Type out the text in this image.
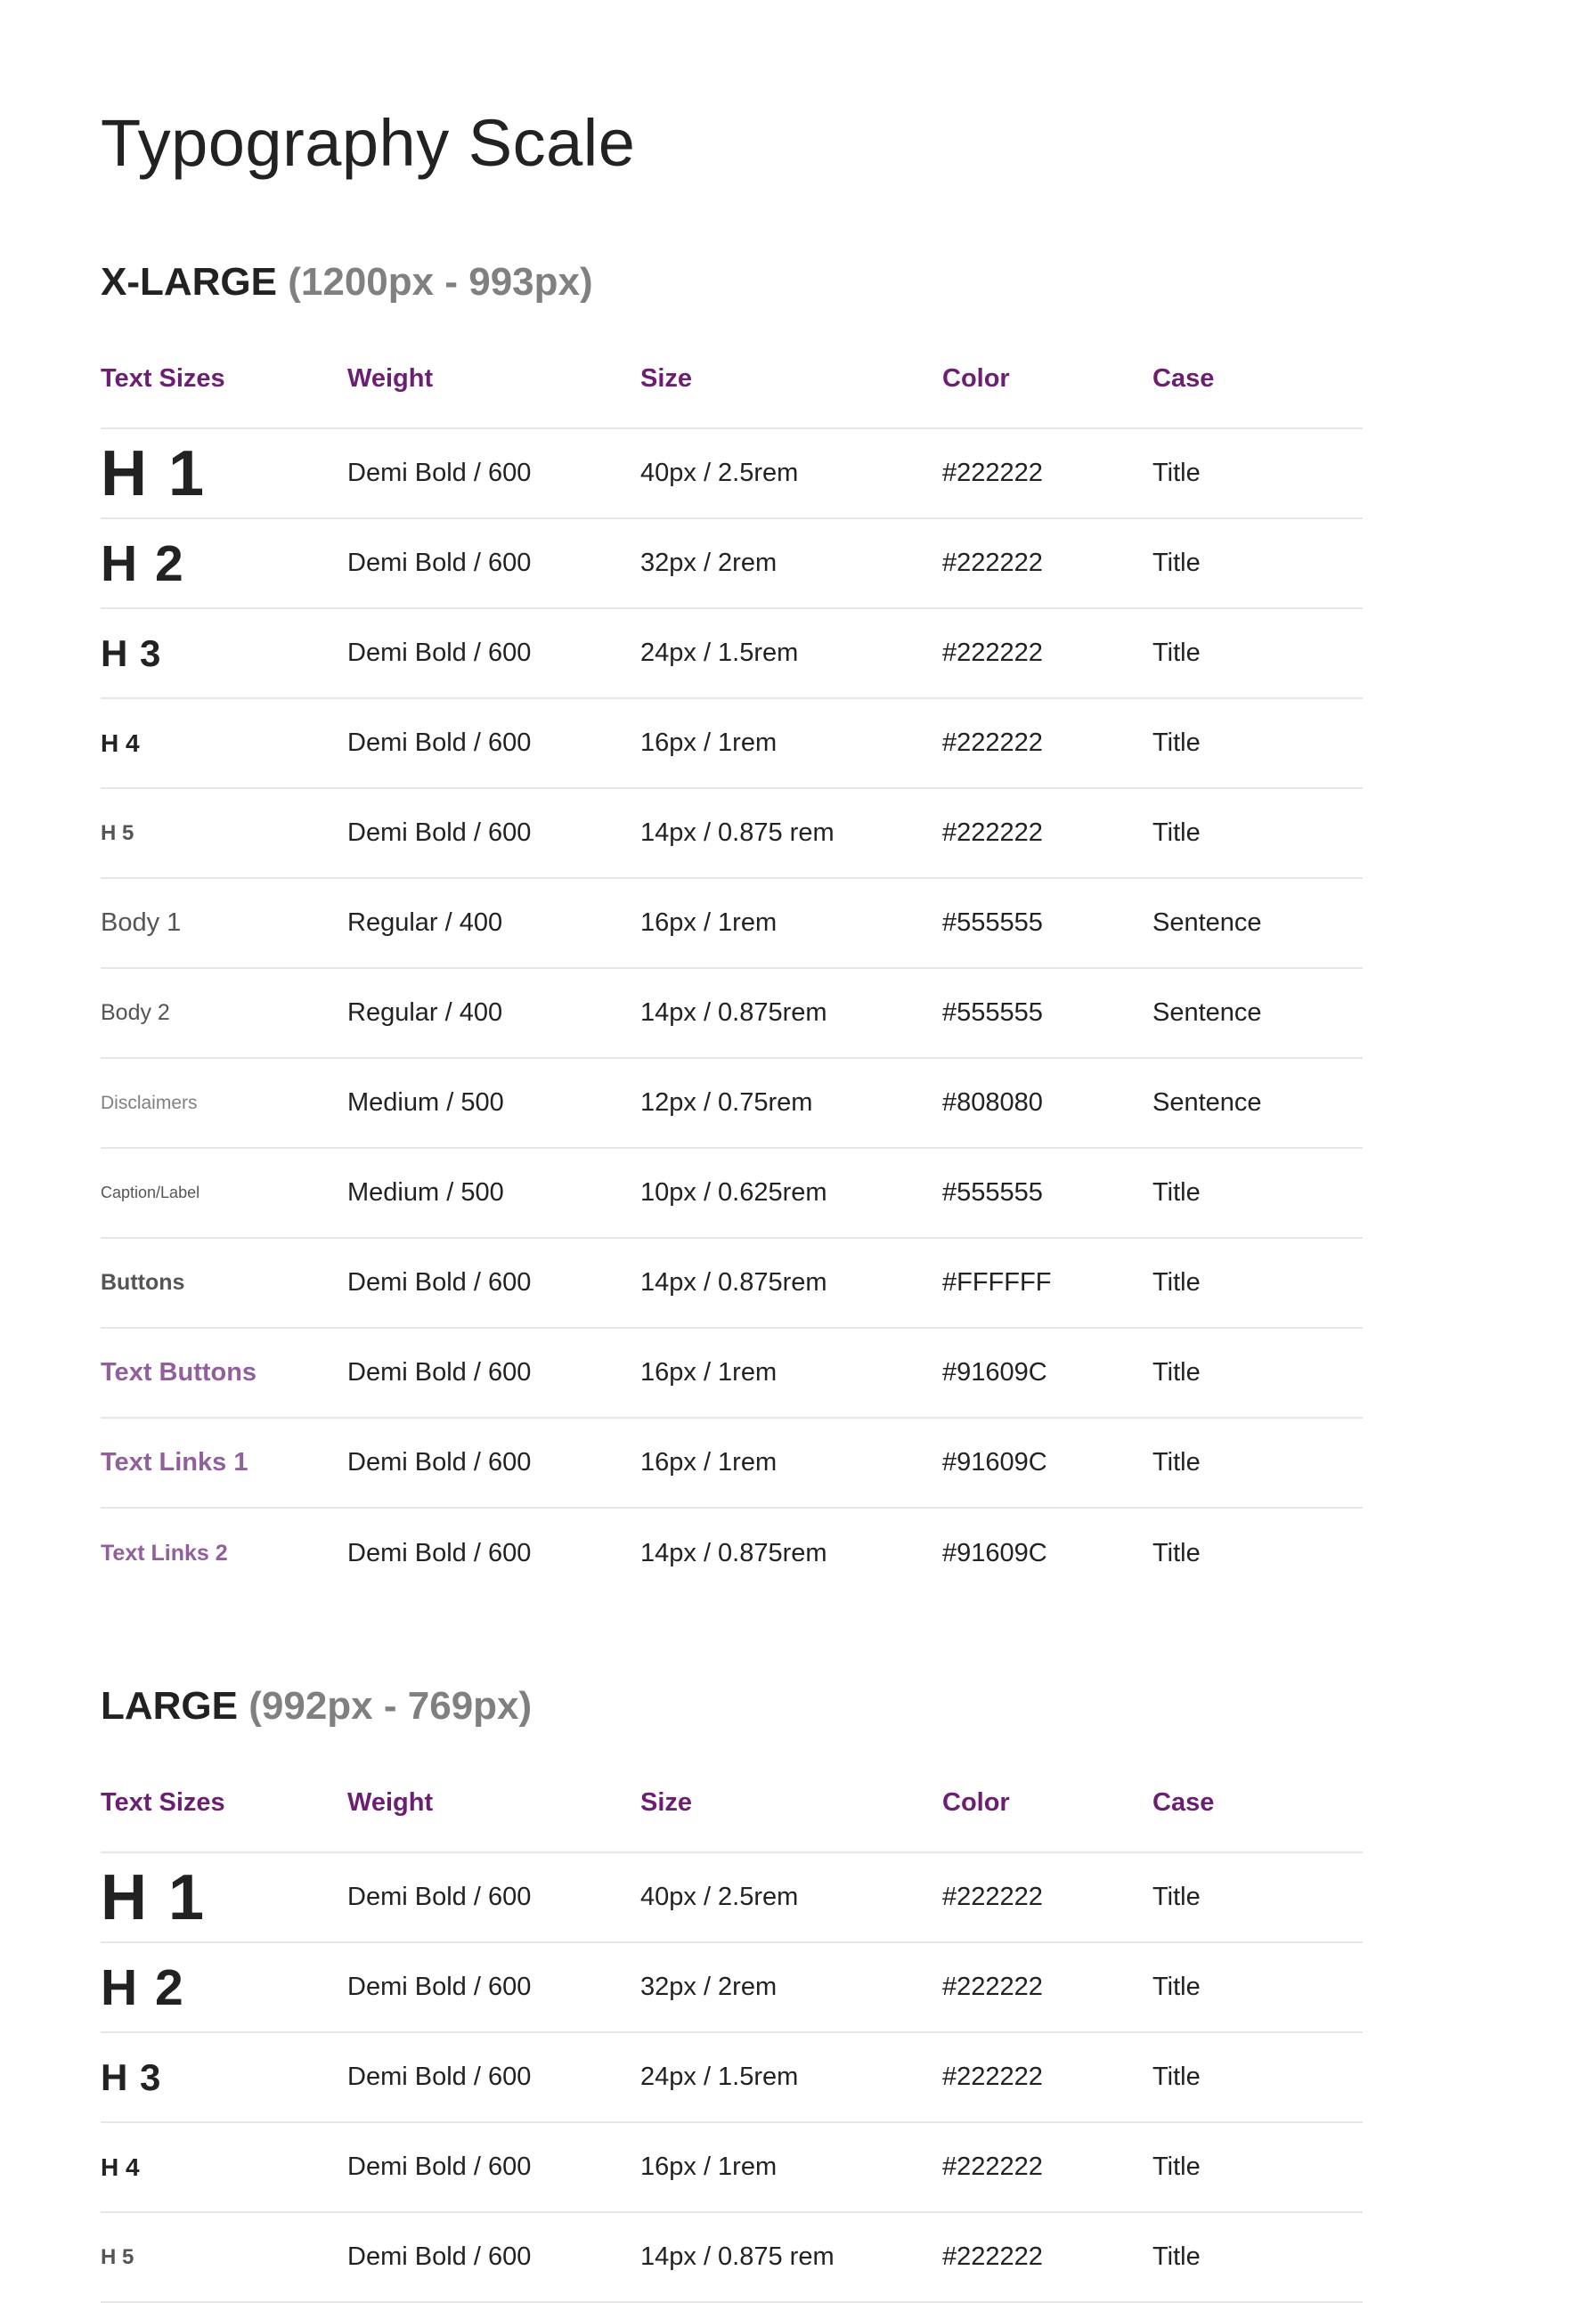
Typography Scale
X-LARGE (1200px - 993px)
Text Sizes	Weight	Size	Color	Case
H 1	Demi Bold / 600	40px / 2.5rem	#222222	Title
H 2	Demi Bold / 600	32px / 2rem	#222222	Title
H 3	Demi Bold / 600	24px / 1.5rem	#222222	Title
H 4	Demi Bold / 600	16px / 1rem	#222222	Title
H 5	Demi Bold / 600	14px / 0.875 rem	#222222	Title
Body 1	Regular / 400	16px / 1rem	#555555	Sentence
Body 2	Regular / 400	14px / 0.875rem	#555555	Sentence
Disclaimers	Medium / 500	12px / 0.75rem	#808080	Sentence
Caption/Label	Medium / 500	10px / 0.625rem	#555555	Title
Buttons	Demi Bold / 600	14px / 0.875rem	#FFFFFF	Title
Text Buttons	Demi Bold / 600	16px / 1rem	#91609C	Title
Text Links 1	Demi Bold / 600	16px / 1rem	#91609C	Title
Text Links 2	Demi Bold / 600	14px / 0.875rem	#91609C	Title
LARGE (992px - 769px)
Text Sizes	Weight	Size	Color	Case
H 1	Demi Bold / 600	40px / 2.5rem	#222222	Title
H 2	Demi Bold / 600	32px / 2rem	#222222	Title
H 3	Demi Bold / 600	24px / 1.5rem	#222222	Title
H 4	Demi Bold / 600	16px / 1rem	#222222	Title
H 5	Demi Bold / 600	14px / 0.875 rem	#222222	Title
